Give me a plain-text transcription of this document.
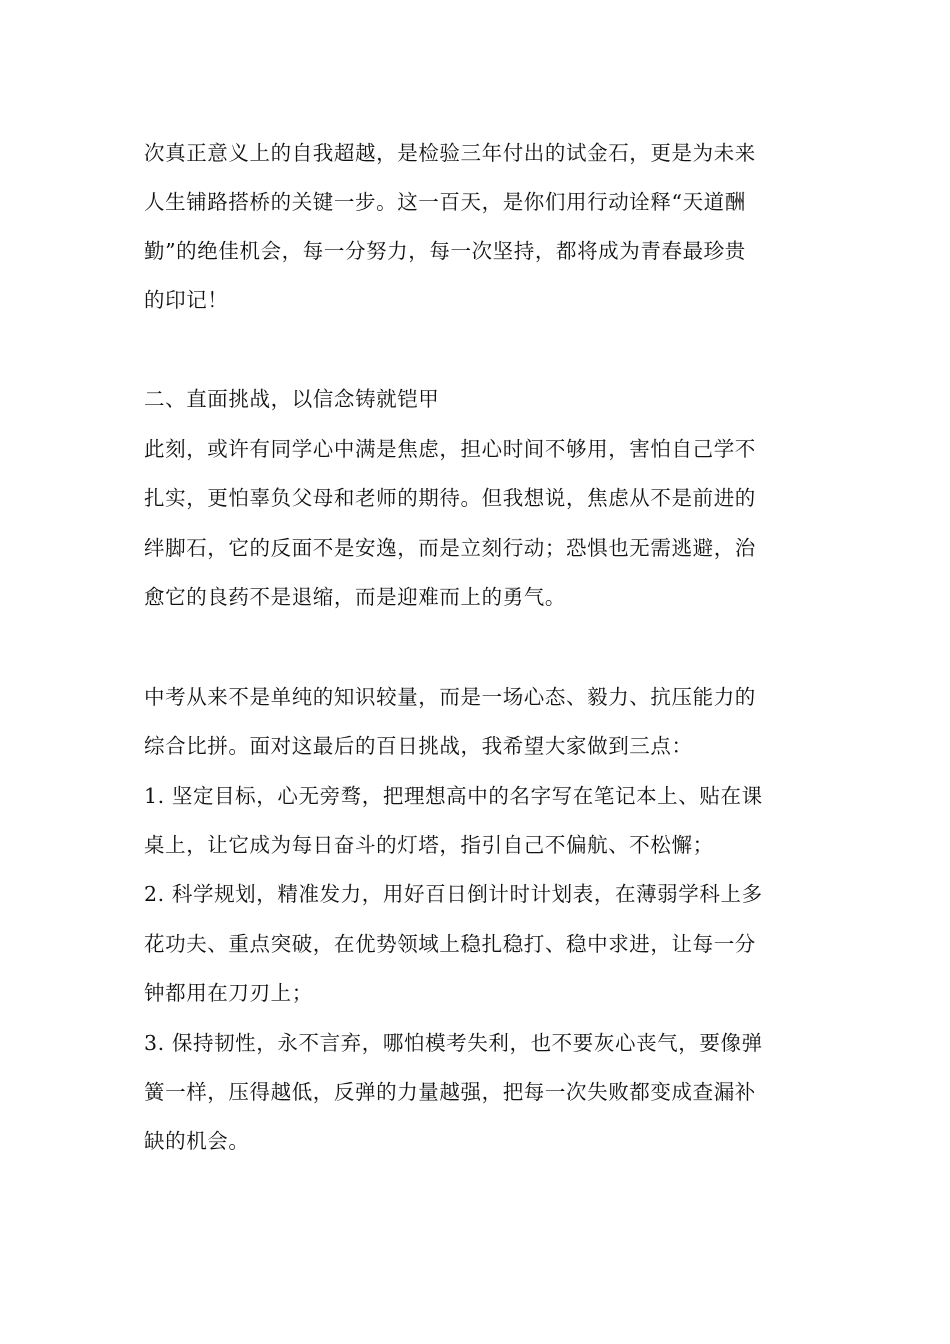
次真正意义上的自我超越，是检验三年付出的试金石，更是为未来
人生铺路搭桥的关键一步。这一百天，是你们用行动诠释“天道酬
勤”的绝佳机会，每一分努力，每一次坚持，都将成为青春最珍贵
的印记！
二、直面挑战，以信念铸就铠甲
此刻，或许有同学心中满是焦虑，担心时间不够用，害怕自己学不
扎实，更怕辜负父母和老师的期待。但我想说，焦虑从不是前进的
绊脚石，它的反面不是安逸，而是立刻行动；恐惧也无需逃避，治
愈它的良药不是退缩，而是迎难而上的勇气。
中考从来不是单纯的知识较量，而是一场心态、毅力、抗压能力的
综合比拼。面对这最后的百日挑战，我希望大家做到三点：
1. 坚定目标，心无旁骛，把理想高中的名字写在笔记本上、贴在课
桌上，让它成为每日奋斗的灯塔，指引自己不偏航、不松懈；
2. 科学规划，精准发力，用好百日倒计时计划表，在薄弱学科上多
花功夫、重点突破，在优势领域上稳扎稳打、稳中求进，让每一分
钟都用在刀刃上；
3. 保持韧性，永不言弃，哪怕模考失利，也不要灰心丧气，要像弹
簧一样，压得越低，反弹的力量越强，把每一次失败都变成查漏补
缺的机会。
